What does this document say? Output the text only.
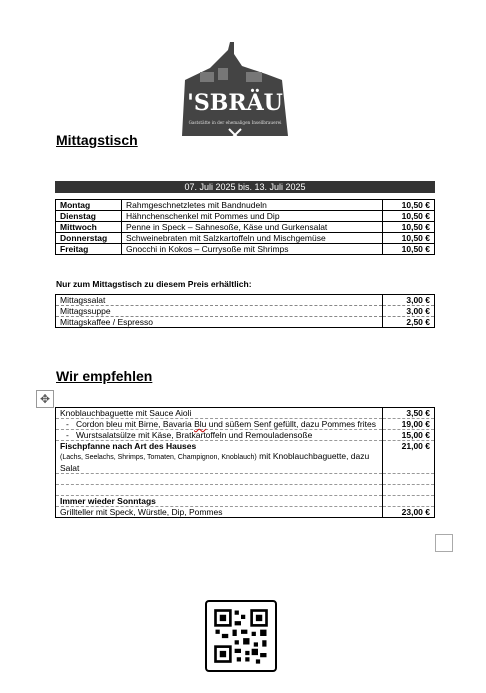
'SBRÄU
Gaststätte in der ehemaligen Insellbrauerei
Mittagstisch
07. Juli 2025 bis. 13. Juli 2025
Montag	Rahmgeschnetzletes mit Bandnudeln	10,50 €
Dienstag	Hähnchenschenkel mit Pommes und Dip	10,50 €
Mittwoch	Penne in Speck – Sahnesoße, Käse und Gurkensalat	10,50 €
Donnerstag	Schweinebraten mit Salzkartoffeln und Mischgemüse	10,50 €
Freitag	Gnocchi in Kokos – Currysoße mit Shrimps	10,50 €
Nur zum Mittagstisch zu diesem Preis erhältlich:
Mittagssalat	3,00 €
Mittagssuppe	3,00 €
Mittagskaffee / Espresso	2,50 €
Wir empfehlen
✥
Knoblauchbaguette mit Sauce Aioli	3,50 €

- Cordon bleu mit Birne, Bavaria Blu und süßem Senf gefüllt, dazu Pommes frites	19,00 €

- Wurstsalatsülze mit Käse, Bratkartoffeln und Remouladensoße	15,00 €
Fischpfanne nach Art des Hauses
(Lachs, Seelachs, Shrimps, Tomaten, Champignon, Knoblauch) mit Knoblauchbaguette, dazu Salat	21,00 €

Immer wieder Sonntags	
Grillteller mit Speck, Würstle, Dip, Pommes	23,00 €
